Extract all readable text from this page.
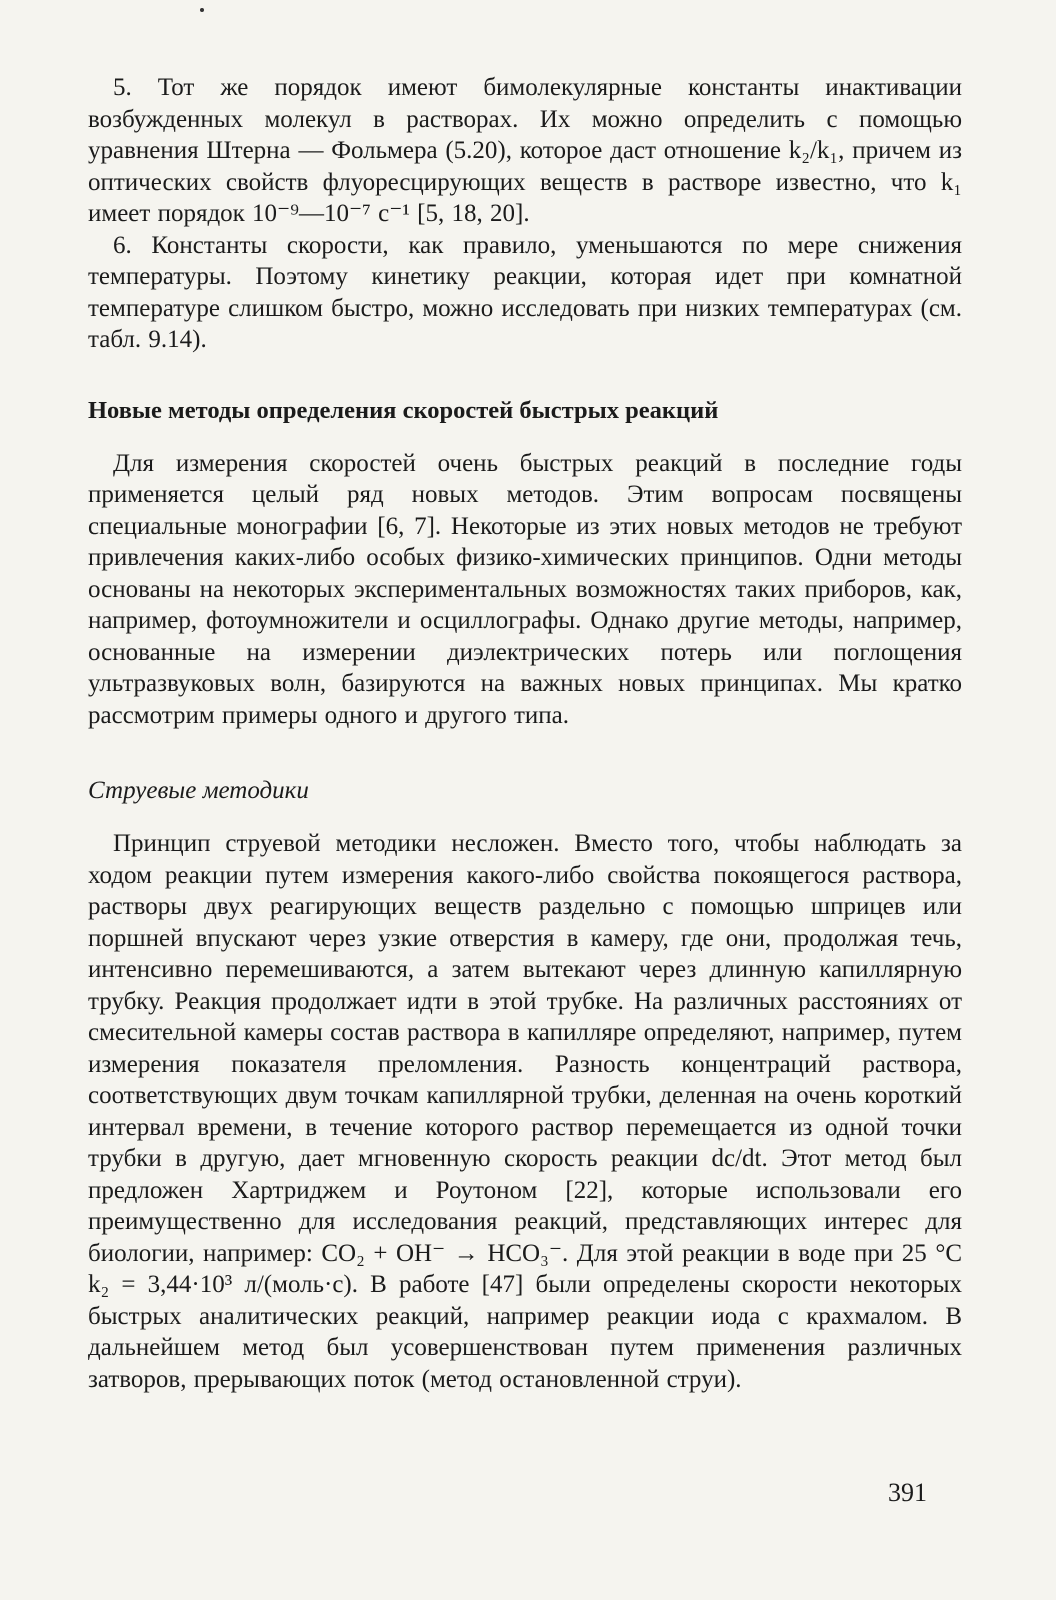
5. Тот же порядок имеют бимолекулярные константы инактивации возбужденных молекул в растворах. Их можно определить с помощью уравнения Штерна — Фольмера (5.20), которое даст отношение k₂/k₁, причем из оптических свойств флуоресцирующих веществ в растворе известно, что k₁ имеет порядок 10⁻⁹—10⁻⁷ с⁻¹ [5, 18, 20].

6. Константы скорости, как правило, уменьшаются по мере снижения температуры. Поэтому кинетику реакции, которая идет при комнатной температуре слишком быстро, можно исследовать при низких температурах (см. табл. 9.14).

Новые методы определения скоростей быстрых реакций

Для измерения скоростей очень быстрых реакций в последние годы применяется целый ряд новых методов. Этим вопросам посвящены специальные монографии [6, 7]. Некоторые из этих новых методов не требуют привлечения каких-либо особых физико-химических принципов. Одни методы основаны на некоторых экспериментальных возможностях таких приборов, как, например, фотоумножители и осциллографы. Однако другие методы, например, основанные на измерении диэлектрических потерь или поглощения ультразвуковых волн, базируются на важных новых принципах. Мы кратко рассмотрим примеры одного и другого типа.

Струевые методики

Принцип струевой методики несложен. Вместо того, чтобы наблюдать за ходом реакции путем измерения какого-либо свойства покоящегося раствора, растворы двух реагирующих веществ раздельно с помощью шприцев или поршней впускают через узкие отверстия в камеру, где они, продолжая течь, интенсивно перемешиваются, а затем вытекают через длинную капиллярную трубку. Реакция продолжает идти в этой трубке. На различных расстояниях от смесительной камеры состав раствора в капилляре определяют, например, путем измерения показателя преломления. Разность концентраций раствора, соответствующих двум точкам капиллярной трубки, деленная на очень короткий интервал времени, в течение которого раствор перемещается из одной точки трубки в другую, дает мгновенную скорость реакции dc/dt. Этот метод был предложен Хартриджем и Роутоном [22], которые использовали его преимущественно для исследования реакций, представляющих интерес для биологии, например: CO₂ + OH⁻ → HCO₃⁻. Для этой реакции в воде при 25 °C k₂ = 3,44·10³ л/(моль·с). В работе [47] были определены скорости некоторых быстрых аналитических реакций, например реакции иода с крахмалом. В дальнейшем метод был усовершенствован путем применения различных затворов, прерывающих поток (метод остановленной струи).

391
